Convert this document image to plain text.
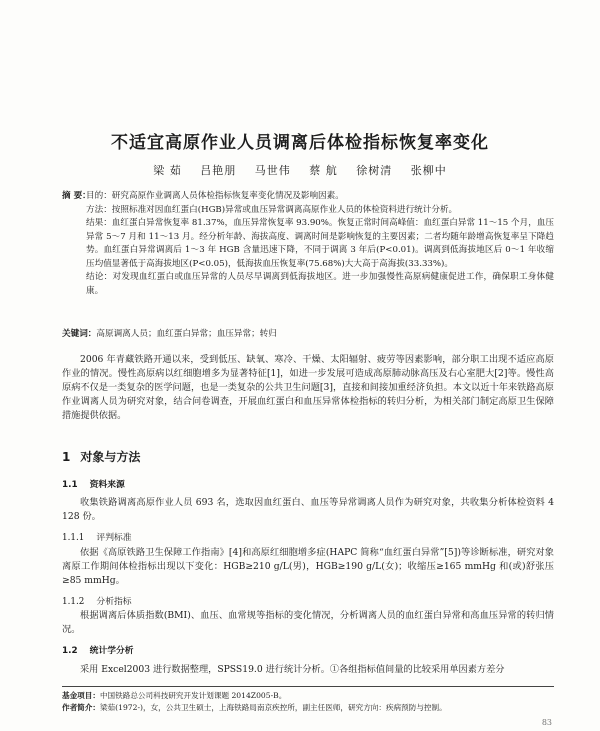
不适宜高原作业人员调离后体检指标恢复率变化
梁 茹 吕艳朋 马世伟 蔡 航 徐树清 张柳中
摘 要：

目的：研究高原作业调离人员体检指标恢复率变化情况及影响因素。

方法：按照标准对因血红蛋白(HGB)异常或血压异常调离高原作业人员的体检资料进行统计分析。

结果：血红蛋白异常恢复率 81.37%，血压异常恢复率 93.90%。恢复正常时间高峰值：血红蛋白异常 11～15 个月，血压异常 5～7 月和 11～13 月。经分析年龄、海拔高度、调离时间是影响恢复的主要因素；二者均随年龄增高恢复率呈下降趋势。血红蛋白异常调离后 1～3 年 HGB 含量迅速下降，不同于调离 3 年后(P<0.01)。调离到低海拔地区后 0～1 年收缩压均值显著低于高海拔地区(P<0.05)，低海拔血压恢复率(75.68%)大大高于高海拔(33.33%)。

结论：对发现血红蛋白或血压异常的人员尽早调离到低海拔地区。进一步加强慢性高原病健康促进工作，确保职工身体健康。

关键词：高原调离人员；血红蛋白异常；血压异常；转归

2006 年青藏铁路开通以来，受到低压、缺氧、寒冷、干燥、太阳辐射、疲劳等因素影响，部分职工出现不适应高原作业的情况。慢性高原病以红细胞增多为显著特征[1]，如进一步发展可造成高原肺动脉高压及右心室肥大[2]等。慢性高原病不仅是一类复杂的医学问题，也是一类复杂的公共卫生问题[3]，直接和间接加重经济负担。本文以近十年来铁路高原作业调离人员为研究对象，结合问卷调查，开展血红蛋白和血压异常体检指标的转归分析，为相关部门制定高原卫生保障措施提供依据。

1 对象与方法
1.1 资料来源

收集铁路调离高原作业人员 693 名，选取因血红蛋白、血压等异常调离人员作为研究对象，共收集分析体检资料 4 128 份。

1.1.1 评判标准

依据《高原铁路卫生保障工作指南》[4]和高原红细胞增多症(HAPC 简称“血红蛋白异常”[5])等诊断标准，研究对象离原工作期间体检指标出现以下变化：HGB≥210 g/L(男)，HGB≥190 g/L(女)；收缩压≥165 mmHg 和(或)舒张压≥85 mmHg。

1.1.2 分析指标

根据调离后体质指数(BMI)、血压、血常规等指标的变化情况，分析调离人员的血红蛋白异常和高血压异常的转归情况。

1.2 统计学分析

采用 Excel2003 进行数据整理，SPSS19.0 进行统计分析。①各组指标值间量的比较采用单因素方差分

基金项目：中国铁路总公司科技研究开发计划课题 2014Z005-B。
作者简介：梁茹(1972-)，女，公共卫生硕士，上海铁路局南京疾控所，副主任医师，研究方向：疾病预防与控制。
83
